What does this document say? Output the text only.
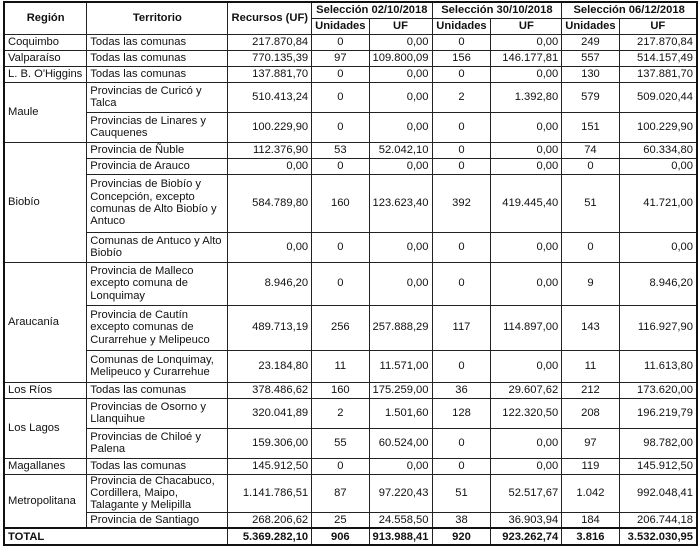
Región	Territorio	Recursos (UF)	Selección 02/10/2018		Selección 30/10/2018		Selección 06/12/2018	
			Unidades	UF	Unidades	UF	Unidades	UF
Coquimbo	Todas las comunas	217.870,84	0	0,00	0	0,00	249	217.870,84
Valparaíso	Todas las comunas	770.135,39	97	109.800,09	156	146.177,81	557	514.157,49
L. B. O'Higgins	Todas las comunas	137.881,70	0	0,00	0	0,00	130	137.881,70
Maule	Provincias de Curicó y Talca	510.413,24	0	0,00	2	1.392,80	579	509.020,44
	Provincias de Linares y Cauquenes	100.229,90	0	0,00	0	0,00	151	100.229,90
Biobío	Provincia de Ñuble	112.376,90	53	52.042,10	0	0,00	74	60.334,80
	Provincia de Arauco	0,00	0	0,00	0	0,00	0	0,00
	Provincias de Biobío y Concepción, excepto comunas de Alto Biobío y Antuco	584.789,80	160	123.623,40	392	419.445,40	51	41.721,00
	Comunas de Antuco y Alto Biobío	0,00	0	0,00	0	0,00	0	0,00
Araucanía	Provincia de Malleco excepto comuna de Lonquimay	8.946,20	0	0,00	0	0,00	9	8.946,20
	Provincia de Cautín excepto comunas de Curarrehue y Melipeuco	489.713,19	256	257.888,29	117	114.897,00	143	116.927,90
	Comunas de Lonquimay, Melipeuco y Curarrehue	23.184,80	11	11.571,00	0	0,00	11	11.613,80
Los Ríos	Todas las comunas	378.486,62	160	175.259,00	36	29.607,62	212	173.620,00
Los Lagos	Provincias de Osorno y Llanquihue	320.041,89	2	1.501,60	128	122.320,50	208	196.219,79
	Provincias de Chiloé y Palena	159.306,00	55	60.524,00	0	0,00	97	98.782,00
Magallanes	Todas las comunas	145.912,50	0	0,00	0	0,00	119	145.912,50
Metropolitana	Provincia de Chacabuco, Cordillera, Maipo, Talagante y Melipilla	1.141.786,51	87	97.220,43	51	52.517,67	1.042	992.048,41
	Provincia de Santiago	268.206,62	25	24.558,50	38	36.903,94	184	206.744,18
TOTAL		5.369.282,10	906	913.988,41	920	923.262,74	3.816	3.532.030,95
